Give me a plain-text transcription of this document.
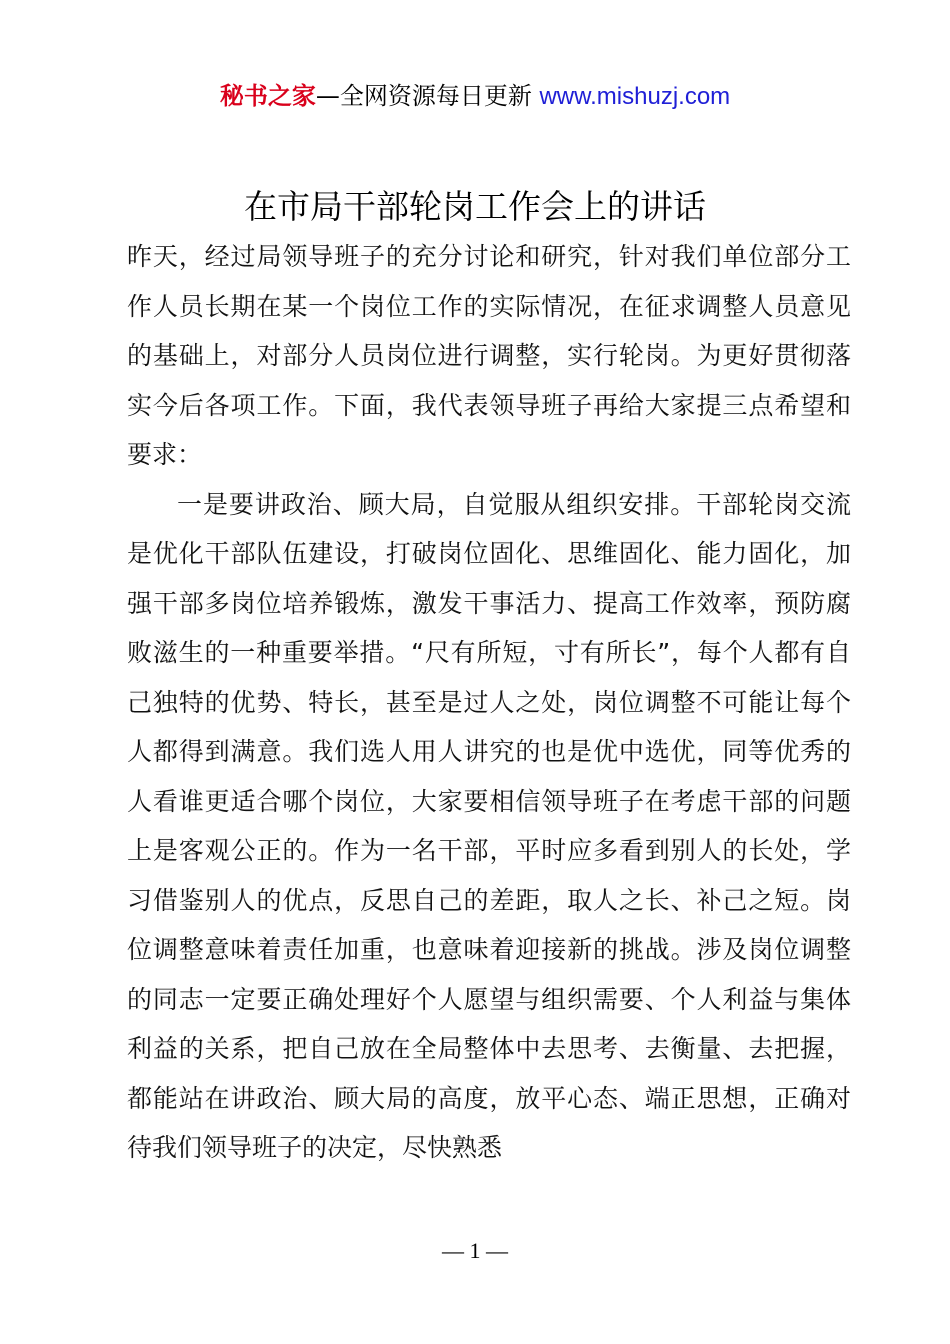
秘书之家—全网资源每日更新 www.mishuzj.com
在市局干部轮岗工作会上的讲话

昨天，经过局领导班子的充分讨论和研究，针对我们单位部分工作人员长期在某一个岗位工作的实际情况，在征求调整人员意见的基础上，对部分人员岗位进行调整，实行轮岗。为更好贯彻落实今后各项工作。下面，我代表领导班子再给大家提三点希望和要求：

一是要讲政治、顾大局，自觉服从组织安排。干部轮岗交流是优化干部队伍建设，打破岗位固化、思维固化、能力固化，加强干部多岗位培养锻炼，激发干事活力、提高工作效率，预防腐败滋生的一种重要举措。“尺有所短，寸有所长”，每个人都有自己独特的优势、特长，甚至是过人之处，岗位调整不可能让每个人都得到满意。我们选人用人讲究的也是优中选优，同等优秀的人看谁更适合哪个岗位，大家要相信领导班子在考虑干部的问题上是客观公正的。作为一名干部，平时应多看到别人的长处，学习借鉴别人的优点，反思自己的差距，取人之长、补己之短。岗位调整意味着责任加重，也意味着迎接新的挑战。涉及岗位调整的同志一定要正确处理好个人愿望与组织需要、个人利益与集体利益的关系，把自己放在全局整体中去思考、去衡量、去把握，都能站在讲政治、顾大局的高度，放平心态、端正思想，正确对待我们领导班子的决定，尽快熟悉

— 1 —
